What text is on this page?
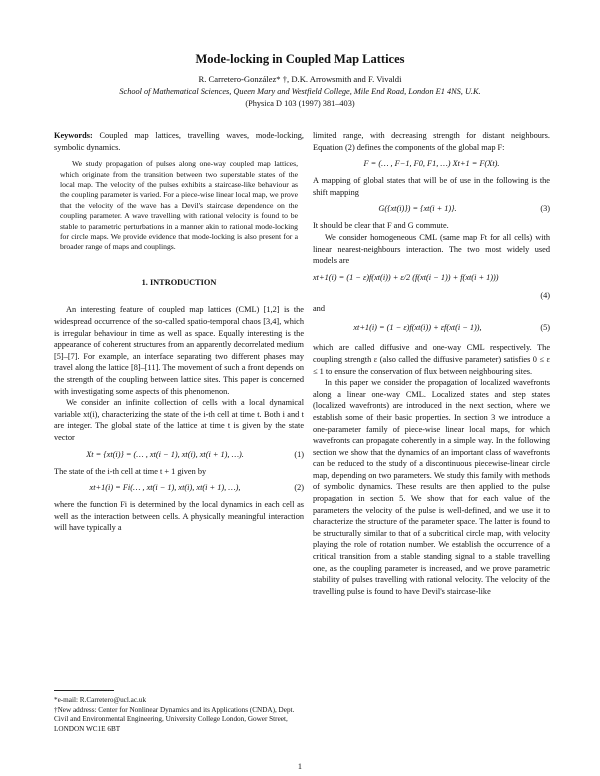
Mode-locking in Coupled Map Lattices
R. Carretero-González* †, D.K. Arrowsmith and F. Vivaldi
School of Mathematical Sciences, Queen Mary and Westfield College, Mile End Road, London E1 4NS, U.K.
(Physica D 103 (1997) 381–403)

Keywords: Coupled map lattices, travelling waves, mode-locking, symbolic dynamics.

We study propagation of pulses along one-way coupled map lattices, which originate from the transition between two superstable states of the local map. The velocity of the pulses exhibits a staircase-like behaviour as the coupling parameter is varied. For a piece-wise linear local map, we prove that the velocity of the wave has a Devil's staircase dependence on the coupling parameter. A wave travelling with rational velocity is found to be stable to parametric perturbations in a manner akin to rational mode-locking for circle maps. We provide evidence that mode-locking is also present for a broader range of maps and couplings.

1. INTRODUCTION

An interesting feature of coupled map lattices (CML) [1,2] is the widespread occurrence of the so-called spatio-temporal chaos [3,4], which is irregular behaviour in time as well as space. Equally interesting is the appearance of coherent structures from an apparently decorrelated medium [5]–[7]. For example, an interface separating two different phases may travel along the lattice [8]–[11]. The movement of such a front depends on the strength of the coupling between lattice sites. This paper is concerned with investigating some aspects of this phenomenon.

We consider an infinite collection of cells with a local dynamical variable xt(i), characterizing the state of the i-th cell at time t. Both i and t are integer. The global state of the lattice at time t is given by the state vector

Xt = {xt(i)} = (… , xt(i − 1), xt(i), xt(i + 1), …).	(1)

The state of the i-th cell at time t + 1 given by

xt+1(i) = Fi(… , xt(i − 1), xt(i), xt(i + 1), …),	(2)

where the function Fi is determined by the local dynamics in each cell as well as the interaction between cells. A physically meaningful interaction will have typically a

*e-mail: R.Carretero@ucl.ac.uk
†New address: Center for Nonlinear Dynamics and its Applications (CNDA), Dept. Civil and Environmental Engineering, University College London, Gower Street, LONDON WC1E 6BT

limited range, with decreasing strength for distant neighbours. Equation (2) defines the components of the global map F:

F = (… , F−1, F0, F1, …) Xt+1 = F(Xt).

A mapping of global states that will be of use in the following is the shift mapping

G({xt(i)}) = {xt(i + 1)}.	(3)

It should be clear that F and G commute.

We consider homogeneous CML (same map Ft for all cells) with linear nearest-neighbours interaction. The two most widely used models are

xt+1(i) = (1 − ε)f(xt(i)) + ε/2 (f(xt(i − 1)) + f(xt(i + 1)))
(4)

and

xt+1(i) = (1 − ε)f(xt(i)) + εf(xt(i − 1)),	(5)

which are called diffusive and one-way CML respectively. The coupling strength ε (also called the diffusive parameter) satisfies 0 ≤ ε ≤ 1 to ensure the conservation of flux between neighbouring sites.

In this paper we consider the propagation of localized wavefronts along a linear one-way CML. Localized states and step states (localized wavefronts) are introduced in the next section, where we establish some of their basic properties. In section 3 we introduce a one-parameter family of piece-wise linear local maps, for which wavefronts can propagate coherently in a simple way. In the following section we show that the dynamics of an important class of wavefronts can be reduced to the study of a discontinuous piecewise-linear circle map, depending on two parameters. We study this family with methods of symbolic dynamics. These results are then applied to the pulse propagation in section 5. We show that for each value of the parameters the velocity of the pulse is well-defined, and we use it to characterize the structure of the parameter space. The latter is found to be structurally similar to that of a subcritical circle map, with velocity playing the role of rotation number. We establish the occurrence of a critical transition from a stable standing signal to a stable travelling one, as the coupling parameter is increased, and we prove parametric stability of pulses travelling with rational velocity. The velocity of the travelling pulse is found to have Devil's staircase-like

1
